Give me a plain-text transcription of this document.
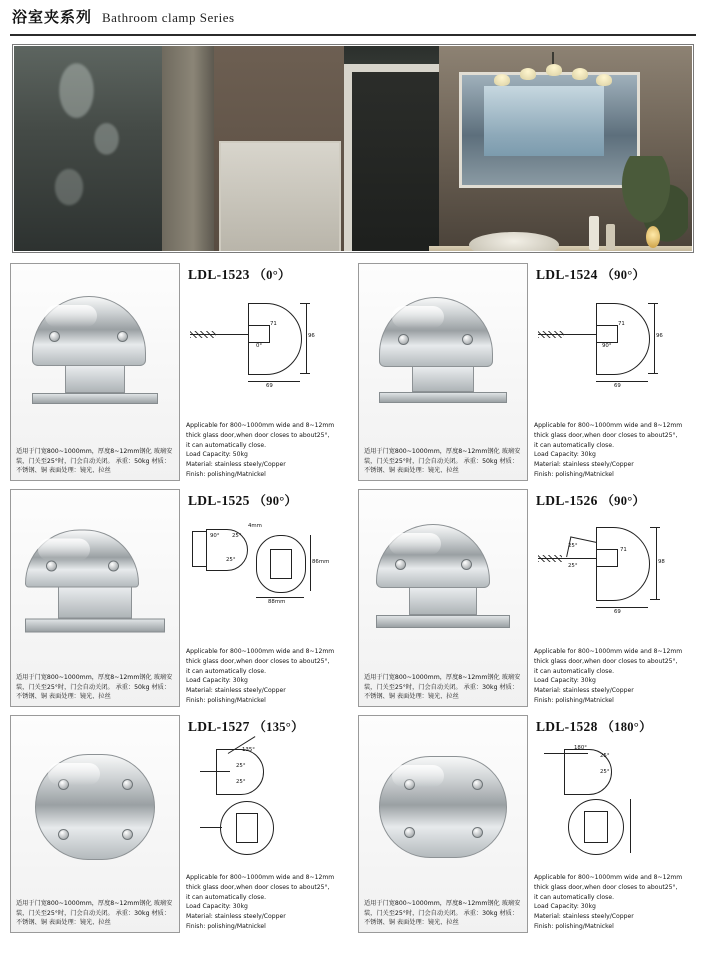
浴室夹系列 Bathroom clamp Series
适用于门宽800~1000mm，厚度8~12mm钢化 玻璃安装，门关至25°时，门会自动关闭。 承重：50kg 材质：不锈钢、铜 表面处理：镜光、拉丝
LDL-1523 （0°）
96
71
0°
69
Applicable for 800~1000mm wide and 8~12mm
thick glass door,when door closes to about25°,
it can automatically close.
Load Capacity: 50kg
Material: stainless steely/Copper
Finish: polishing/Matnickel
适用于门宽800~1000mm，厚度8~12mm钢化 玻璃安装，门关至25°时，门会自动关闭。 承重：50kg 材质：不锈钢、铜 表面处理：镜光、拉丝
LDL-1524 （90°）
96
71
90°
69
Applicable for 800~1000mm wide and 8~12mm
thick glass door,when door closes to about25°,
it can automatically close.
Load Capacity: 30kg
Material: stainless steely/Copper
Finish: polishing/Matnickel
适用于门宽800~1000mm，厚度8~12mm钢化 玻璃安装，门关至25°时，门会自动关闭。 承重：50kg 材质：不锈钢、铜 表面处理：镜光、拉丝
LDL-1525 （90°）
90° 25°
25°
4mm
86mm
88mm
Applicable for 800~1000mm wide and 8~12mm
thick glass door,when door closes to about25°,
it can automatically close.
Load Capacity: 30kg
Material: stainless steely/Copper
Finish: polishing/Matnickel
适用于门宽800~1000mm，厚度8~12mm钢化 玻璃安装，门关至25°时，门会自动关闭。 承重：30kg 材质：不锈钢、铜 表面处理：镜光、拉丝
LDL-1526 （90°）
25°
25°
71
98
69
Applicable for 800~1000mm wide and 8~12mm
thick glass door,when door closes to about25°,
it can automatically close.
Load Capacity: 30kg
Material: stainless steely/Copper
Finish: polishing/Matnickel
适用于门宽800~1000mm，厚度8~12mm钢化 玻璃安装，门关至25°时，门会自动关闭。 承重：30kg 材质：不锈钢、铜 表面处理：镜光、拉丝
LDL-1527 （135°）
135°
25°
25°
Applicable for 800~1000mm wide and 8~12mm
thick glass door,when door closes to about25°,
it can automatically close.
Load Capacity: 30kg
Material: stainless steely/Copper
Finish: polishing/Matnickel
适用于门宽800~1000mm，厚度8~12mm钢化 玻璃安装，门关至25°时，门会自动关闭。 承重：30kg 材质：不锈钢、铜 表面处理：镜光、拉丝
LDL-1528 （180°）
180°
25°
25°
Applicable for 800~1000mm wide and 8~12mm
thick glass door,when door closes to about25°,
it can automatically close.
Load Capacity: 30kg
Material: stainless steely/Copper
Finish: polishing/Matnickel
